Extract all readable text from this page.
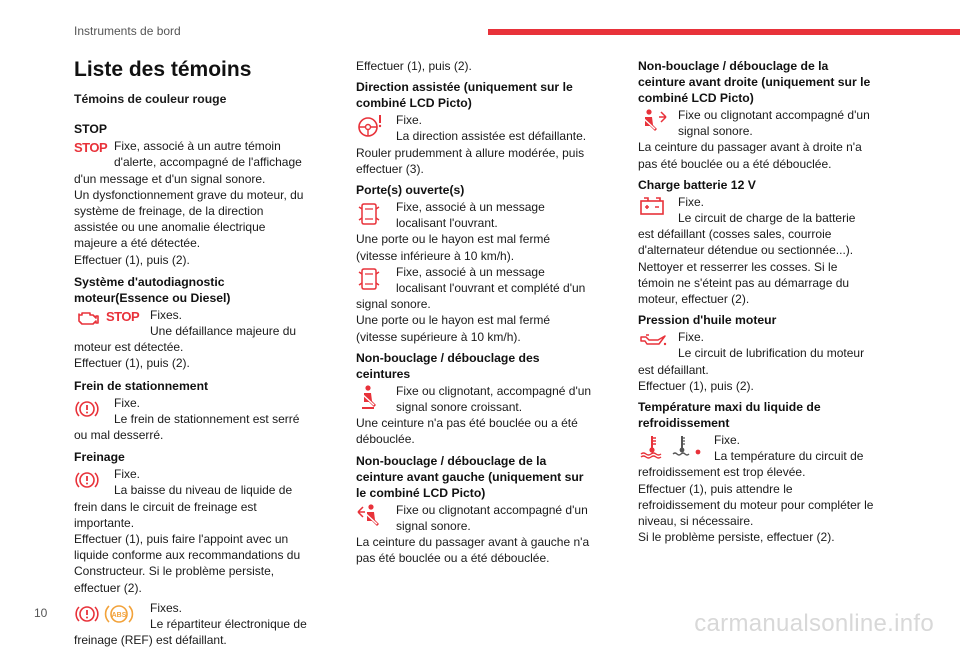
Instruments de bord
Liste des témoins
Témoins de couleur rouge
STOP
STOP Fixe, associé à un autre témoin d'alerte, accompagné de l'affichage d'un message et d'un signal sonore.

Un dysfonctionnement grave du moteur, du système de freinage, de la direction assistée ou une anomalie électrique majeure a été détectée.

Effectuer (1), puis (2).

Système d'autodiagnostic moteur(Essence ou Diesel)
STOP Fixes.

Une défaillance majeure du moteur est détectée.

Effectuer (1), puis (2).

Frein de stationnement

Fixe.

Le frein de stationnement est serré ou mal desserré.

Freinage

Fixe.

La baisse du niveau de liquide de frein dans le circuit de freinage est importante.

Effectuer (1), puis faire l'appoint avec un liquide conforme aux recommandations du Constructeur. Si le problème persiste, effectuer (2).

ABS

Fixes.

Le répartiteur électronique de freinage (REF) est défaillant.

Effectuer (1), puis (2).

Direction assistée (uniquement sur le combiné LCD Picto)

Fixe.

La direction assistée est défaillante.

Rouler prudemment à allure modérée, puis effectuer (3).

Porte(s) ouverte(s)

Fixe, associé à un message localisant l'ouvrant.

Une porte ou le hayon est mal fermé (vitesse inférieure à 10 km/h).

Fixe, associé à un message localisant l'ouvrant et complété d'un signal sonore.

Une porte ou le hayon est mal fermé (vitesse supérieure à 10 km/h).

Non-bouclage / débouclage des ceintures

Fixe ou clignotant, accompagné d'un signal sonore croissant.

Une ceinture n'a pas été bouclée ou a été débouclée.

Non-bouclage / débouclage de la ceinture avant gauche (uniquement sur le combiné LCD Picto)

Fixe ou clignotant accompagné d'un signal sonore.

La ceinture du passager avant à gauche n'a pas été bouclée ou a été débouclée.

Non-bouclage / débouclage de la ceinture avant droite (uniquement sur le combiné LCD Picto)

Fixe ou clignotant accompagné d'un signal sonore.

La ceinture du passager avant à droite n'a pas été bouclée ou a été débouclée.

Charge batterie 12 V

Fixe.

Le circuit de charge de la batterie est défaillant (cosses sales, courroie d'alternateur détendue ou sectionnée...).

Nettoyer et resserrer les cosses. Si le témoin ne s'éteint pas au démarrage du moteur, effectuer (2).

Pression d'huile moteur

Fixe.

Le circuit de lubrification du moteur est défaillant.

Effectuer (1), puis (2).

Température maxi du liquide de refroidissement

Fixe.

La température du circuit de refroidissement est trop élevée.

Effectuer (1), puis attendre le refroidissement du moteur pour compléter le niveau, si nécessaire.

Si le problème persiste, effectuer (2).

10	carmanualsonline.info
